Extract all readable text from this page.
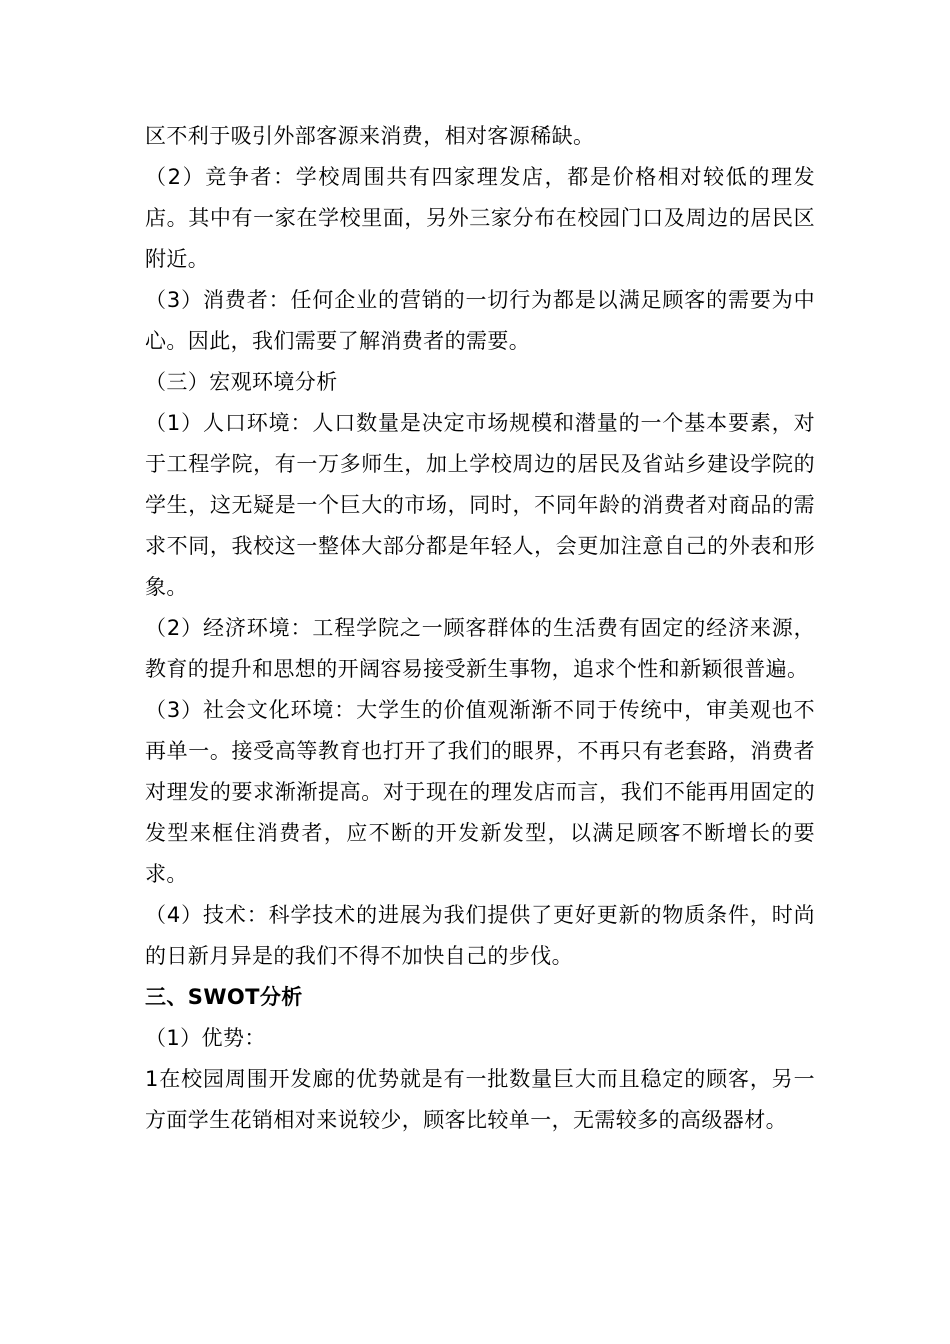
区不利于吸引外部客源来消费，相对客源稀缺。

（2）竞争者：学校周围共有四家理发店，都是价格相对较低的理发店。其中有一家在学校里面，另外三家分布在校园门口及周边的居民区附近。

（3）消费者：任何企业的营销的一切行为都是以满足顾客的需要为中心。因此，我们需要了解消费者的需要。

（三）宏观环境分析

（1）人口环境：人口数量是决定市场规模和潜量的一个基本要素，对于工程学院，有一万多师生，加上学校周边的居民及省站乡建设学院的学生，这无疑是一个巨大的市场，同时，不同年龄的消费者对商品的需求不同，我校这一整体大部分都是年轻人，会更加注意自己的外表和形象。

（2）经济环境：工程学院之一顾客群体的生活费有固定的经济来源，教育的提升和思想的开阔容易接受新生事物，追求个性和新颖很普遍。

（3）社会文化环境：大学生的价值观渐渐不同于传统中，审美观也不再单一。接受高等教育也打开了我们的眼界，不再只有老套路，消费者对理发的要求渐渐提高。对于现在的理发店而言，我们不能再用固定的发型来框住消费者，应不断的开发新发型，以满足顾客不断增长的要求。

（4）技术：科学技术的进展为我们提供了更好更新的物质条件，时尚的日新月异是的我们不得不加快自己的步伐。

三、SWOT分析

（1）优势：

1在校园周围开发廊的优势就是有一批数量巨大而且稳定的顾客，另一方面学生花销相对来说较少，顾客比较单一，无需较多的高级器材。
